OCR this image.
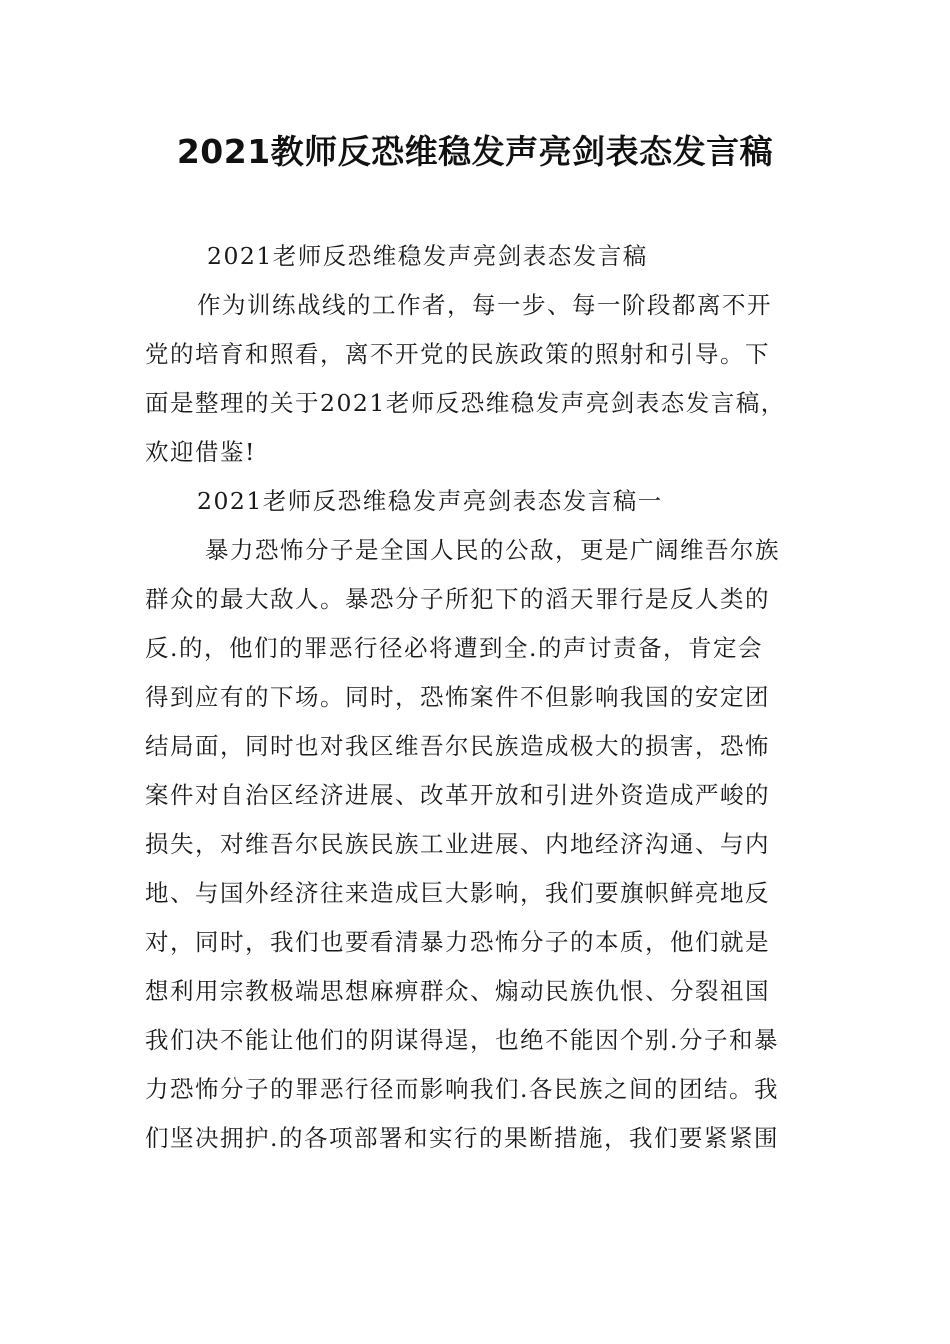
2021教师反恐维稳发声亮剑表态发言稿
2021老师反恐维稳发声亮剑表态发言稿
作为训练战线的工作者，每一步、每一阶段都离不开
党的培育和照看，离不开党的民族政策的照射和引导。下
面是整理的关于2021老师反恐维稳发声亮剑表态发言稿，
欢迎借鉴!
2021老师反恐维稳发声亮剑表态发言稿一
暴力恐怖分子是全国人民的公敌，更是广阔维吾尔族
群众的最大敌人。暴恐分子所犯下的滔天罪行是反人类的
反.的，他们的罪恶行径必将遭到全.的声讨责备，肯定会
得到应有的下场。同时，恐怖案件不但影响我国的安定团
结局面，同时也对我区维吾尔民族造成极大的损害，恐怖
案件对自治区经济进展、改革开放和引进外资造成严峻的
损失，对维吾尔民族民族工业进展、内地经济沟通、与内
地、与国外经济往来造成巨大影响，我们要旗帜鲜亮地反
对，同时，我们也要看清暴力恐怖分子的本质，他们就是
想利用宗教极端思想麻痹群众、煽动民族仇恨、分裂祖国
我们决不能让他们的阴谋得逞，也绝不能因个别.分子和暴
力恐怖分子的罪恶行径而影响我们.各民族之间的团结。我
们坚决拥护.的各项部署和实行的果断措施，我们要紧紧围
